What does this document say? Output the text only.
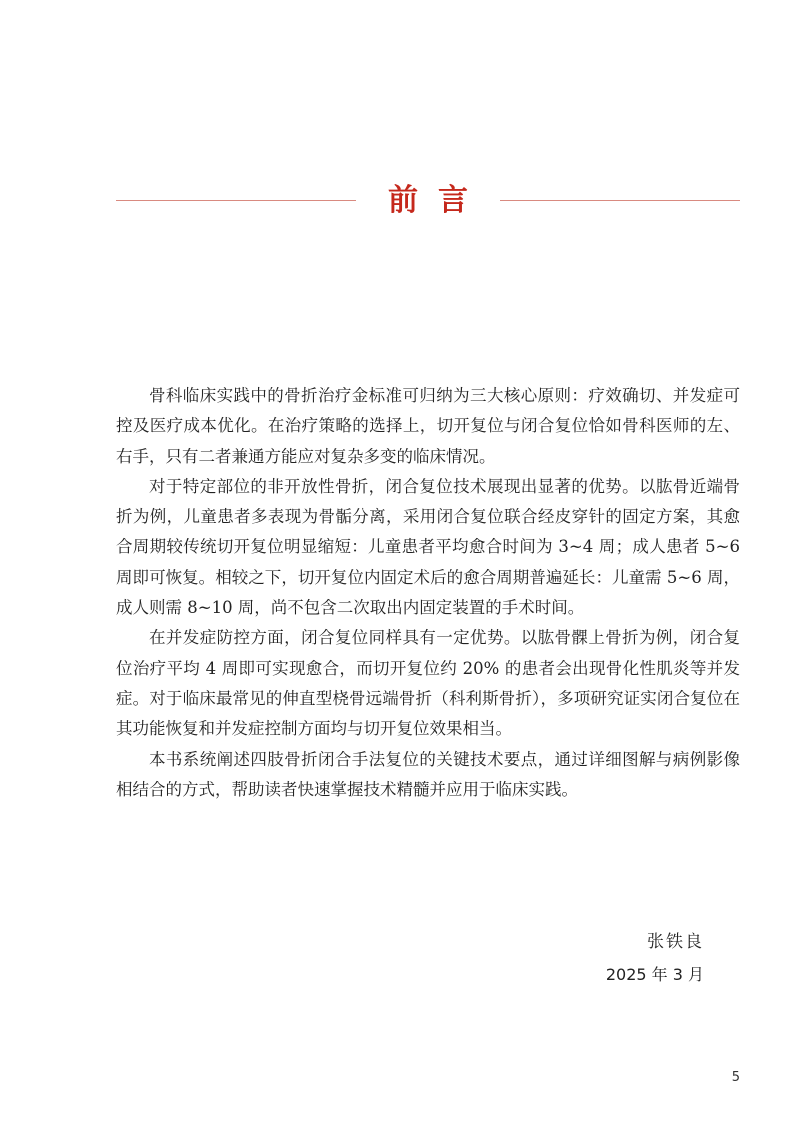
前言

骨科临床实践中的骨折治疗金标准可归纳为三大核心原则：疗效确切、并发症可控及医疗成本优化。在治疗策略的选择上，切开复位与闭合复位恰如骨科医师的左、右手，只有二者兼通方能应对复杂多变的临床情况。

对于特定部位的非开放性骨折，闭合复位技术展现出显著的优势。以肱骨近端骨折为例，儿童患者多表现为骨骺分离，采用闭合复位联合经皮穿针的固定方案，其愈合周期较传统切开复位明显缩短：儿童患者平均愈合时间为 3~4 周；成人患者 5~6 周即可恢复。相较之下，切开复位内固定术后的愈合周期普遍延长：儿童需 5~6 周，成人则需 8~10 周，尚不包含二次取出内固定装置的手术时间。

在并发症防控方面，闭合复位同样具有一定优势。以肱骨髁上骨折为例，闭合复位治疗平均 4 周即可实现愈合，而切开复位约 20% 的患者会出现骨化性肌炎等并发症。对于临床最常见的伸直型桡骨远端骨折（科利斯骨折），多项研究证实闭合复位在其功能恢复和并发症控制方面均与切开复位效果相当。

本书系统阐述四肢骨折闭合手法复位的关键技术要点，通过详细图解与病例影像相结合的方式，帮助读者快速掌握技术精髓并应用于临床实践。

张铁良
2025 年 3 月
5
